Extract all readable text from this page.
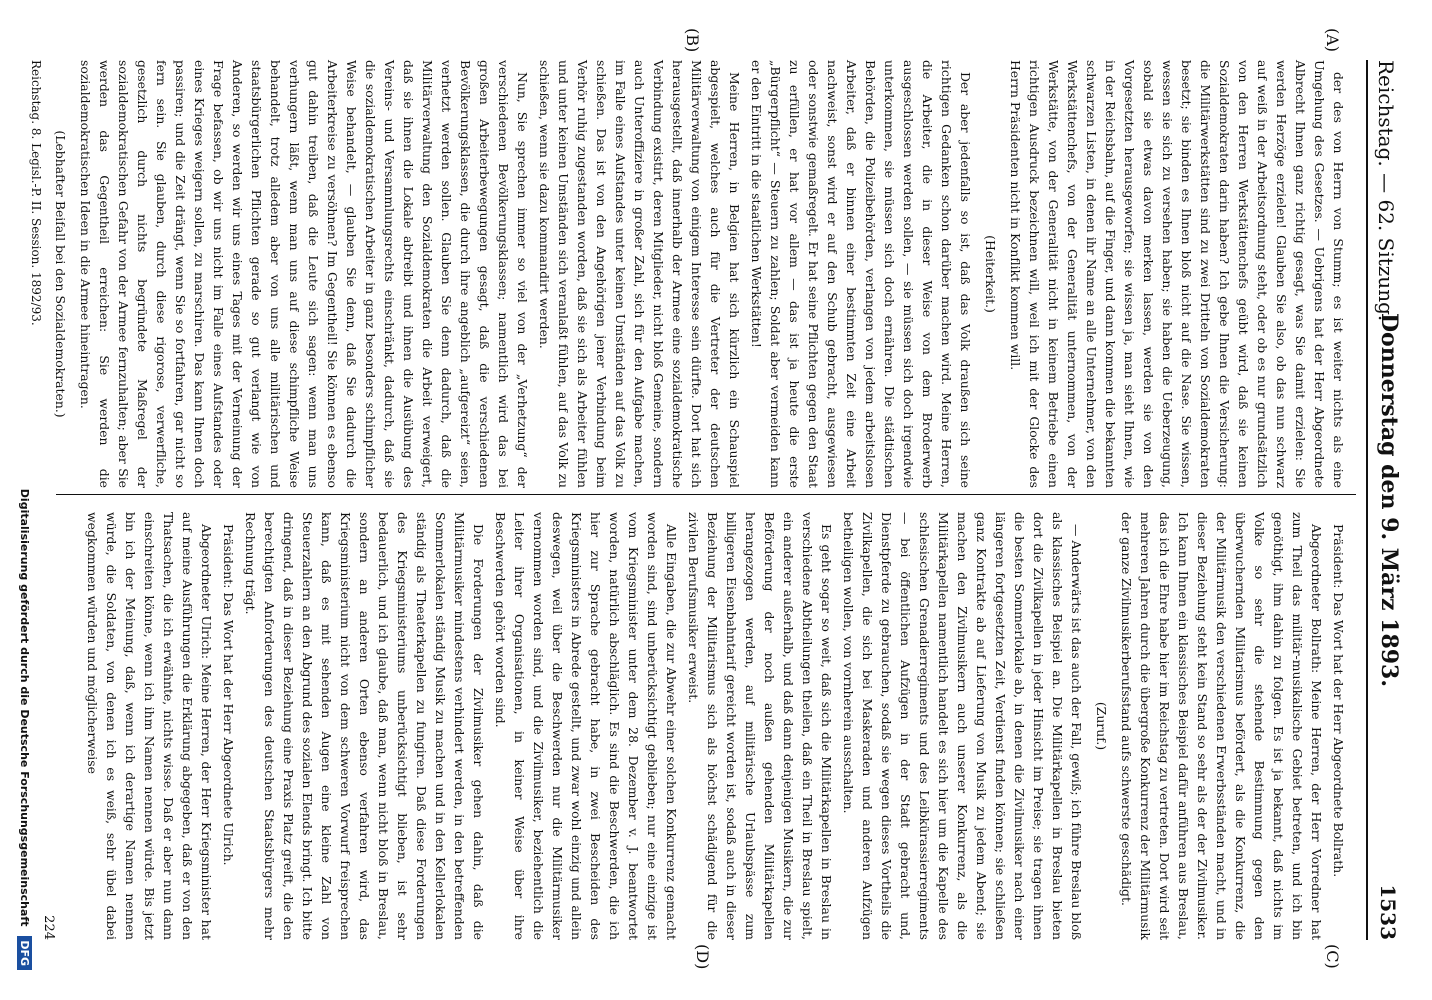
Reichstag. — 62. Sitzung.
Donnerstag den 9. März 1893.
1533
(A)
(B)
(C)
(D)

der des von Herrn von Stumm; es ist weiter nichts als eine Umgehung des Gesetzes. — Uebrigens hat der Herr Abgeordnete Albrecht Ihnen ganz richtig gesagt, was Sie damit erzielen: Sie werden Herzöge erzielen! Glauben Sie also, ob das nun schwarz auf weiß in der Arbeitsordnung steht, oder ob es nur grundsätzlich von den Herren Werkstättenchefs geübt wird, daß sie keinen Sozialdemokraten darin haben? Ich gebe Ihnen die Versicherung: die Militärwerkstätten sind zu zwei Dritteln von Sozialdemokraten besetzt; sie binden es Ihnen bloß nicht auf die Nase. Sie wissen, wessen sie sich zu versehen haben; sie haben die Ueberzeugung, sobald sie etwas davon merken lassen, werden sie von den Vorgesetzten herausgeworfen; sie wissen ja, man sieht Ihnen, wie in der Reichsbahn, auf die Finger, und dann kommen die bekannten schwarzen Listen, in denen ihr Name an alle Unternehmer, von den Werkstättenchefs, von der Generalität unternommen, von der Werkstätte, von der Generalität nicht in keinem Betriebe einen richtigen Ausdruck bezeichnen will, weil ich mit der Glocke des Herrn Präsidenten nicht in Konflikt kommen will.

(Heiterkeit.)

Der aber jedenfalls so ist, daß das Volk draußen sich seine richtigen Gedanken schon darüber machen wird. Meine Herren, die Arbeiter, die in dieser Weise von dem Broderwerb ausgeschlossen werden sollen, — sie müssen sich doch irgendwie unterkommen, sie müssen sich doch ernähren. Die städtischen Behörden, die Polizeibehörden, verlangen von jedem arbeitslosen Arbeiter, daß er binnen einer bestimmten Zeit eine Arbeit nachweist, sonst wird er auf den Schub gebracht, ausgewiesen oder sonstwie gemaßregelt. Er hat seine Pflichten gegen den Staat zu erfüllen, er hat vor allem — das ist ja heute die erste „Bürgerpflicht“ — Steuern zu zahlen; Soldat aber vermeiden kann er den Eintritt in die staatlichen Werkstätten!

Meine Herren, in Belgien hat sich kürzlich ein Schauspiel abgespielt, welches auch für die Vertreter der deutschen Militärverwaltung von einigem Interesse sein dürfte. Dort hat sich herausgestellt, daß innerhalb der Armee eine sozialdemokratische Verbindung existirt, deren Mitglieder, nicht bloß Gemeine, sondern auch Unteroffiziere in großer Zahl, sich für den Aufgabe machen, im Falle eines Aufstandes unter keinen Umständen auf das Volk zu schießen. Das ist von den Angehörigen jener Verbindung beim Verhör ruhig zugestanden worden, daß sie sich als Arbeiter fühlen und unter keinen Umständen sich veranlaßt fühlen, auf das Volk zu schießen, wenn sie dazu kommandirt werden.

Nun, Sie sprechen immer so viel von der „Verhetzung“ der verschiedenen Bevölkerungsklassen; namentlich wird das bei großen Arbeiterbewegungen gesagt, daß die verschiedenen Bevölkerungsklassen, die durch ihre angeblich „aufgereizt“ seien, verhetzt werden sollen. Glauben Sie denn dadurch, daß die Militärverwaltung den Sozialdemokraten die Arbeit verweigert, daß sie ihnen die Lokale abtreibt und ihnen die Ausübung des Vereins- und Versammlungsrechts einschränkt, dadurch, daß sie die sozialdemokratischen Arbeiter in ganz besonders schimpflicher Weise behandelt, — glauben Sie denn, daß Sie dadurch die Arbeiterkreise zu versöhnen? Im Gegentheil! Sie können es ebenso gut dahin treiben, daß die Leute sich sagen: wenn man uns verhungern läßt, wenn man uns auf diese schimpfliche Weise behandelt, trotz alledem aber von uns alle militärischen und staatsbürgerlichen Pflichten gerade so gut verlangt wie von Anderen, so werden wir uns eines Tages mit der Verneinung der Frage befassen, ob wir uns nicht im Falle eines Aufstandes oder eines Krieges weigern sollen, zu marschiren. Das kann Ihnen doch passiren; und die Zeit drängt, wenn Sie so fortfahren, gar nicht so fern sein. Sie glauben, durch diese rigorose, verwerfliche, gesetzlich durch nichts begründete Maßregel der sozialdemokratischen Gefahr von der Armee fernzuhalten; aber Sie werden das Gegentheil erreichen: Sie werden die sozialdemokratischen Ideen in die Armee hineintragen.

(Lebhafter Beifall bei den Sozialdemokraten.)

Reichstag. 8. Legisl.-P. II. Session. 1892/93.

Präsident: Das Wort hat der Herr Abgeordnete Bollrath.

Abgeordneter Bollrath: Meine Herren, der Herr Vorredner hat zum Theil das militär-musikalische Gebiet betreten, und ich bin genöthigt, ihm dahin zu folgen. Es ist ja bekannt, daß nichts im Volke so sehr die stehende Bestimmung gegen den überwuchernden Militarismus befördert, als die Konkurrenz, die der Militärmusik den verschiedenen Erwerbsständen macht, und in dieser Beziehung steht kein Stand so sehr als der der Zivilmusiker. Ich kann Ihnen ein klassisches Beispiel dafür anführen aus Breslau, das ich die Ehre habe hier im Reichstag zu vertreten. Dort wird seit mehreren Jahren durch die übergroße Konkurrenz der Militärmusik der ganze Zivilmusikerberufsstand aufs schwerste geschädigt.

(Zuruf.)

— Anderwärts ist das auch der Fall, gewiß; ich führe Breslau bloß als klassisches Beispiel an. Die Militärkapellen in Breslau bieten dort die Zivilkapellen in jeder Hinsicht im Preise; sie tragen ihnen die besten Sommerlokale ab, in denen die Zivilmusiker nach einer längeren fortgesetzten Zeit, Verdienst finden können; sie schließen ganz Kontrakte ab auf Lieferung von Musik zu jedem Abend; sie machen den Zivilmusikern auch unserer Konkurrenz, als die Militärkapellen namentlich handelt es sich hier um die Kapelle des schlesischen Grenadierregiments und des Leibkürassierregiments — bei öffentlichen Aufzügen in der Stadt gebracht und, Dienstpferde zu gebrauchen, sodaß sie wegen dieses Vortheils die Zivilkapellen, die sich bei Maskeraden und anderen Aufzügen betheiligen wollen, von vornherein ausschalten.

Es geht sogar so weit, daß sich die Militärkapellen in Breslau in verschiedene Abtheilungen theilen, daß ein Theil in Breslau spielt, ein anderer außerhalb, und daß dann denjenigen Musikern, die zur Beförderung der noch außen gehenden Militärkapellen herangezogen werden, auf militärische Urlaubspässe zum billigeren Eisenbahntarif gereicht worden ist, sodaß auch in dieser Beziehung der Militarismus sich als höchst schädigend für die zivilen Berufsmusiker erweist.

Alle Eingaben, die zur Abwehr einer solchen Konkurrenz gemacht worden sind, sind unberücksichtigt geblieben; nur eine einzige ist vom Kriegsminister unter dem 28. Dezember v. J. beantwortet worden, natürlich abschläglich. Es sind die Beschwerden, die ich hier zur Sprache gebracht habe, in zwei Bescheiden des Kriegsministers in Abrede gestellt, und zwar wohl einzig und allein deswegen, weil über die Beschwerden nur die Militärmusiker vernommen worden sind, und die Zivilmusiker, beziehentlich die Leiter ihrer Organisationen, in keiner Weise über ihre Beschwerden gehört worden sind.

Die Forderungen der Zivilmusiker gehen dahin, daß die Militärmusiker mindestens verhindert werden, in den betreffenden Sommerlokalen ständig Musik zu machen und in den Kellerlokalen ständig als Theaterkapellen zu fungiren. Daß diese Forderungen des Kriegsministeriums unberücksichtigt blieben, ist sehr bedauerlich, und ich glaube, daß man, wenn nicht bloß in Breslau, sondern an anderen Orten ebenso verfahren wird, das Kriegsministerium nicht von dem schweren Vorwurf freisprechen kann, daß es mit sehenden Augen eine kleine Zahl von Steuerzahlern an den Abgrund des sozialen Elends bringt. Ich bitte dringend, daß in dieser Beziehung eine Praxis Platz greift, die den berechtigten Anforderungen des deutschen Staatsbürgers mehr Rechnung trägt.

Präsident: Das Wort hat der Herr Abgeordnete Ulrich.

Abgeordneter Ulrich: Meine Herren, der Herr Kriegsminister hat auf meine Ausführungen die Erklärung abgegeben, daß er von den Thatsachen, die ich erwähnte, nichts wisse. Daß er aber nun dann einschreiten könne, wenn ich ihm Namen nennen würde. Bis jetzt bin ich der Meinung, daß, wenn ich derartige Namen nennen würde, die Soldaten, von denen ich es weiß, sehr übel dabei wegkommen würden und möglicherweise

224
Digitalisierung gefördert durch die Deutsche Forschungsgemeinschaft DFG
